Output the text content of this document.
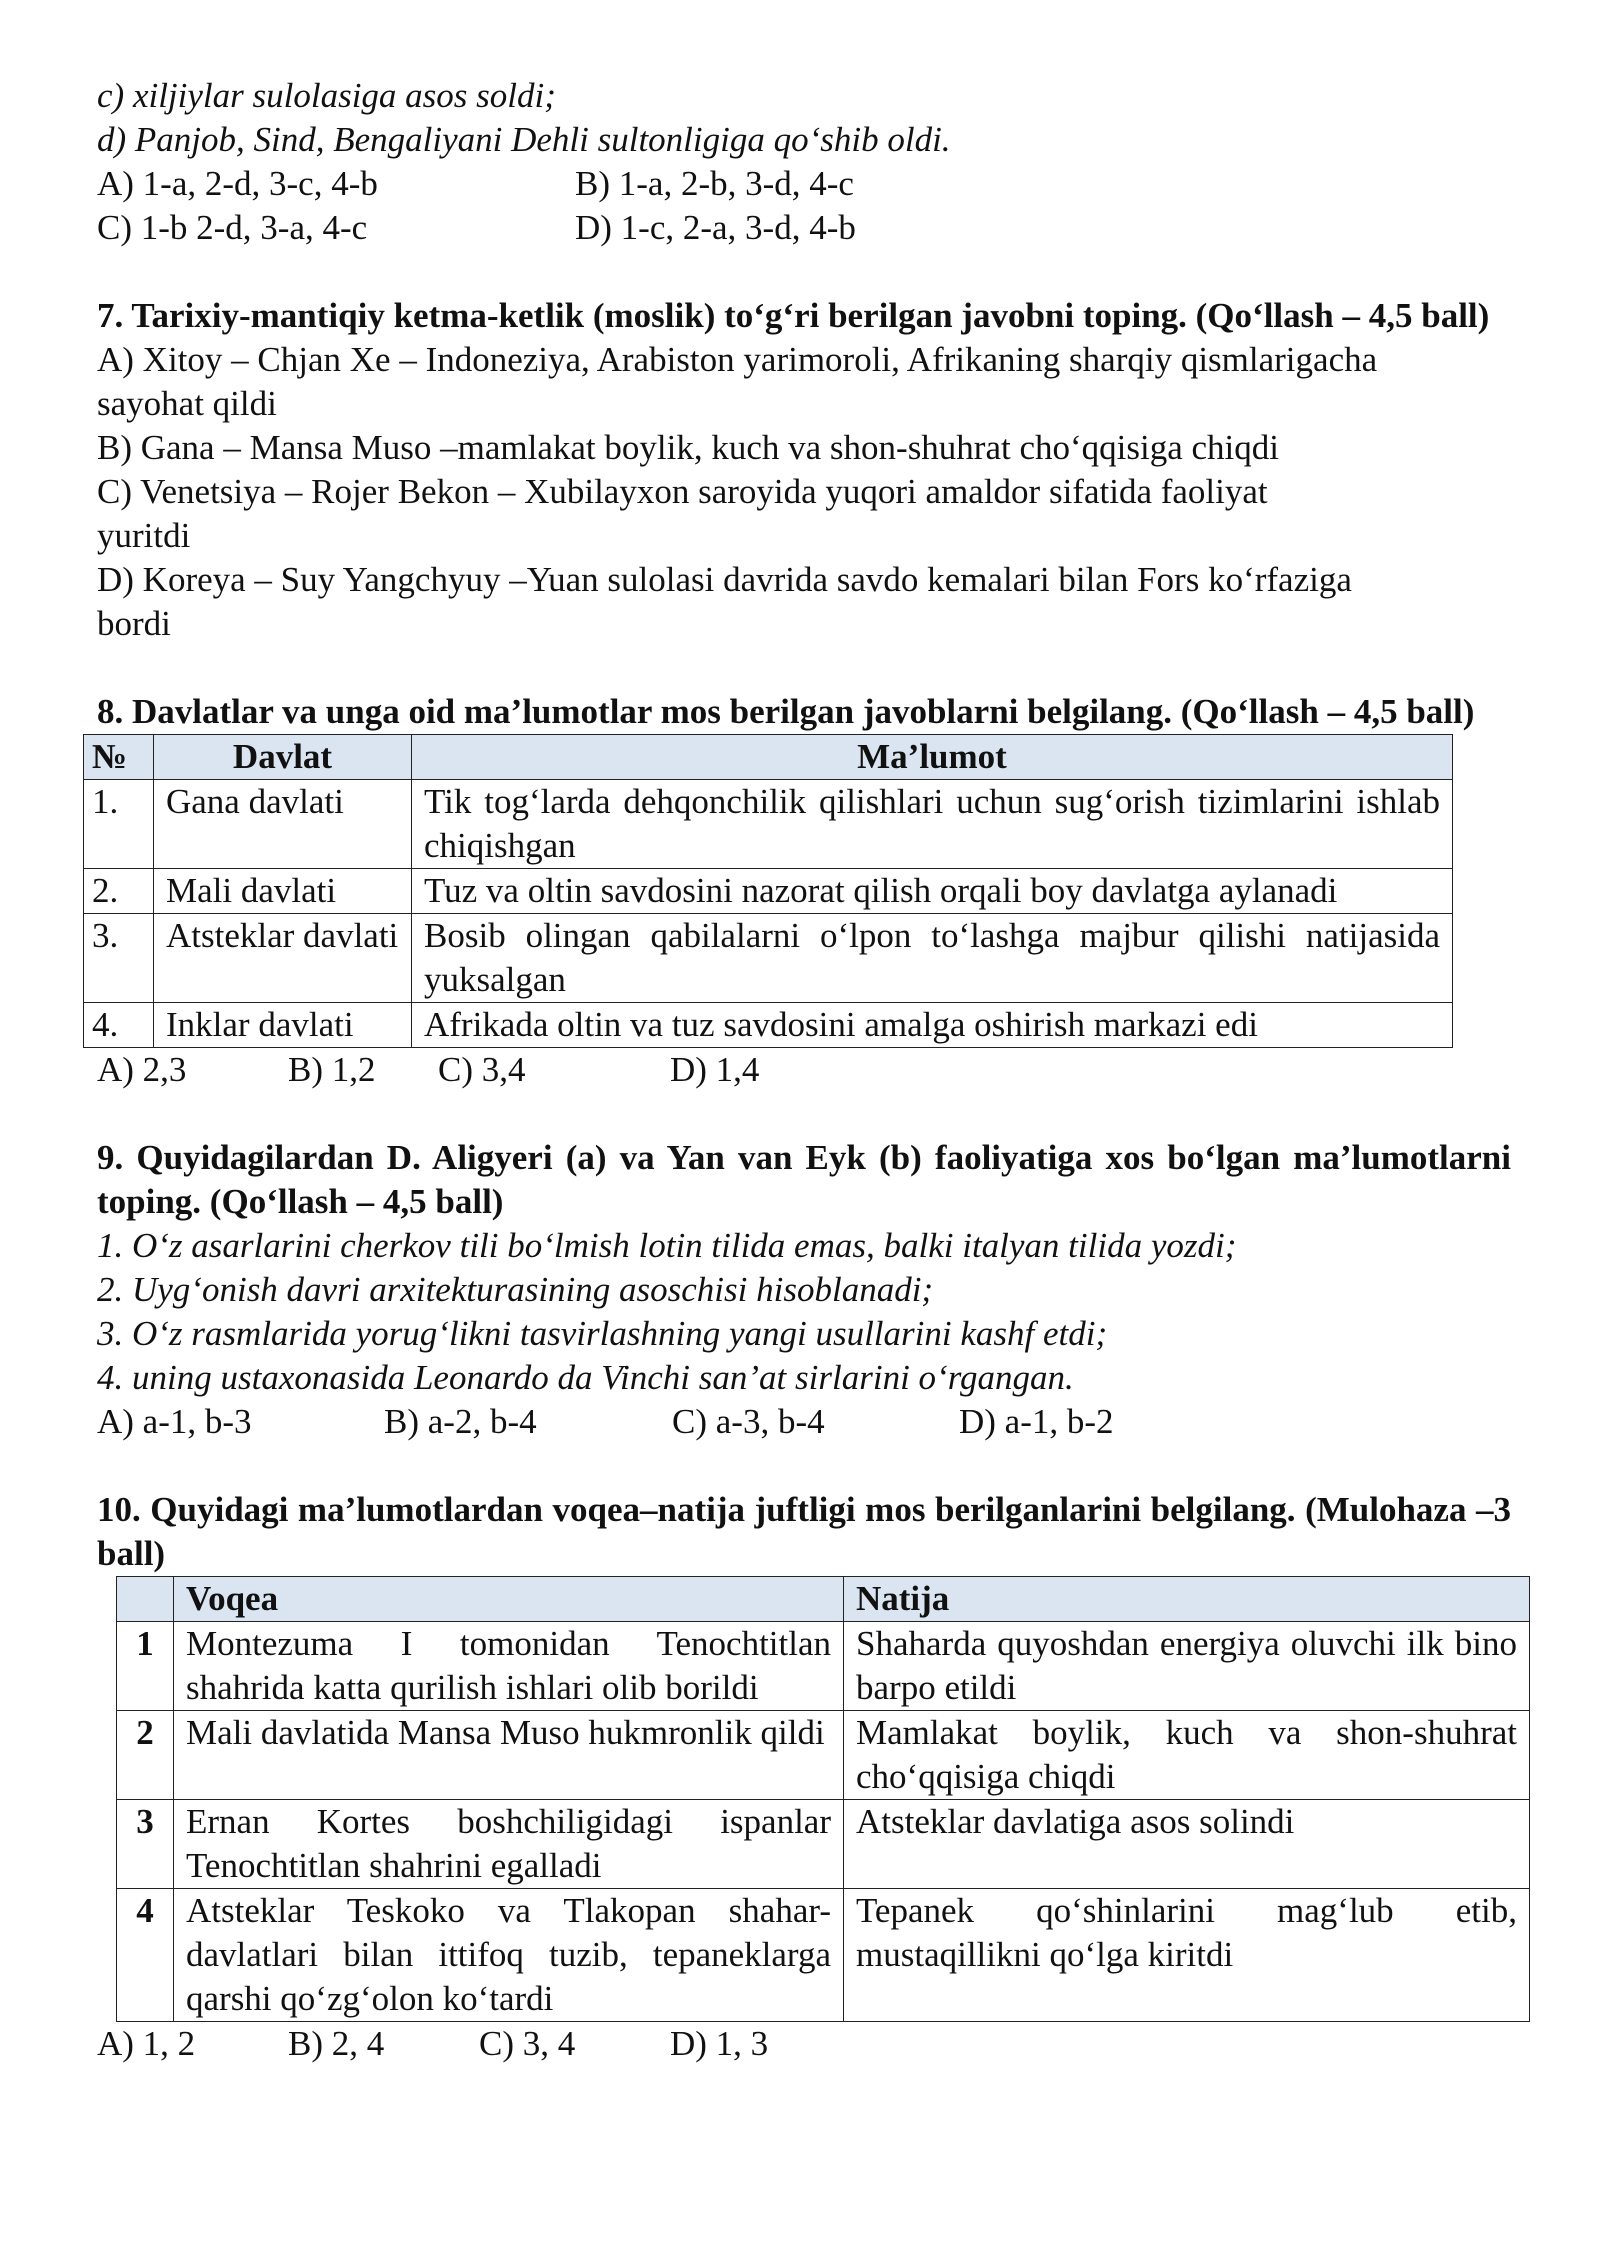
c) xiljiylar sulolasiga asos soldi;
d) Panjob, Sind, Bengaliyani Dehli sultonligiga qo‘shib oldi.
A) 1-a, 2-d, 3-c, 4-b	B) 1-a, 2-b, 3-d, 4-c
C) 1-b 2-d, 3-a, 4-c	D) 1-c, 2-a, 3-d, 4-b
7. Tarixiy-mantiqiy ketma-ketlik (moslik) to‘g‘ri berilgan javobni toping. (Qo‘llash – 4,5 ball)
A) Xitoy – Chjan Xe – Indoneziya, Arabiston yarimoroli, Afrikaning sharqiy qismlarigacha
sayohat qildi
B) Gana – Mansa Muso –mamlakat boylik, kuch va shon-shuhrat cho‘qqisiga chiqdi
C) Venetsiya – Rojer Bekon – Xubilayxon saroyida yuqori amaldor sifatida faoliyat
yuritdi
D) Koreya – Suy Yangchyuy –Yuan sulolasi davrida savdo kemalari bilan Fors ko‘rfaziga
bordi
8. Davlatlar va unga oid ma’lumotlar mos berilgan javoblarni belgilang. (Qo‘llash – 4,5 ball)
№	Davlat	Ma’lumot
1.	Gana davlati	Tik tog‘larda dehqonchilik qilishlari uchun sug‘orish tizimlarini ishlab chiqishgan
2.	Mali davlati	Tuz va oltin savdosini nazorat qilish orqali boy davlatga aylanadi
3.	Atsteklar davlati	Bosib olingan qabilalarni o‘lpon to‘lashga majbur qilishi natijasida yuksalgan
4.	Inklar davlati	Afrikada oltin va tuz savdosini amalga oshirish markazi edi
A) 2,3	B) 1,2	C) 3,4	D) 1,4
9. Quyidagilardan D. Aligyeri (a) va Yan van Eyk (b) faoliyatiga xos bo‘lgan ma’lumotlarni toping. (Qo‘llash – 4,5 ball)
1. O‘z asarlarini cherkov tili bo‘lmish lotin tilida emas, balki italyan tilida yozdi;
2. Uyg‘onish davri arxitekturasining asoschisi hisoblanadi;
3. O‘z rasmlarida yorug‘likni tasvirlashning yangi usullarini kashf etdi;
4. uning ustaxonasida Leonardo da Vinchi san’at sirlarini o‘rgangan.
A) a-1, b-3	B) a-2, b-4	C) a-3, b-4	D) a-1, b-2
10. Quyidagi ma’lumotlardan voqea–natija juftligi mos berilganlarini belgilang. (Mulohaza –3 ball)
	Voqea	Natija
1	Montezuma I tomonidan Tenochtitlan shahrida katta qurilish ishlari olib borildi	Shaharda quyoshdan energiya oluvchi ilk bino barpo etildi
2	Mali davlatida Mansa Muso hukmronlik qildi	Mamlakat boylik, kuch va shon-shuhrat cho‘qqisiga chiqdi
3	Ernan Kortes boshchiligidagi ispanlar Tenochtitlan shahrini egalladi	Atsteklar davlatiga asos solindi
4	Atsteklar Teskoko va Tlakopan shahar-davlatlari bilan ittifoq tuzib, tepaneklarga qarshi qo‘zg‘olon ko‘tardi	Tepanek qo‘shinlarini mag‘lub etib, mustaqillikni qo‘lga kiritdi
A) 1, 2	B) 2, 4	C) 3, 4	D) 1, 3
